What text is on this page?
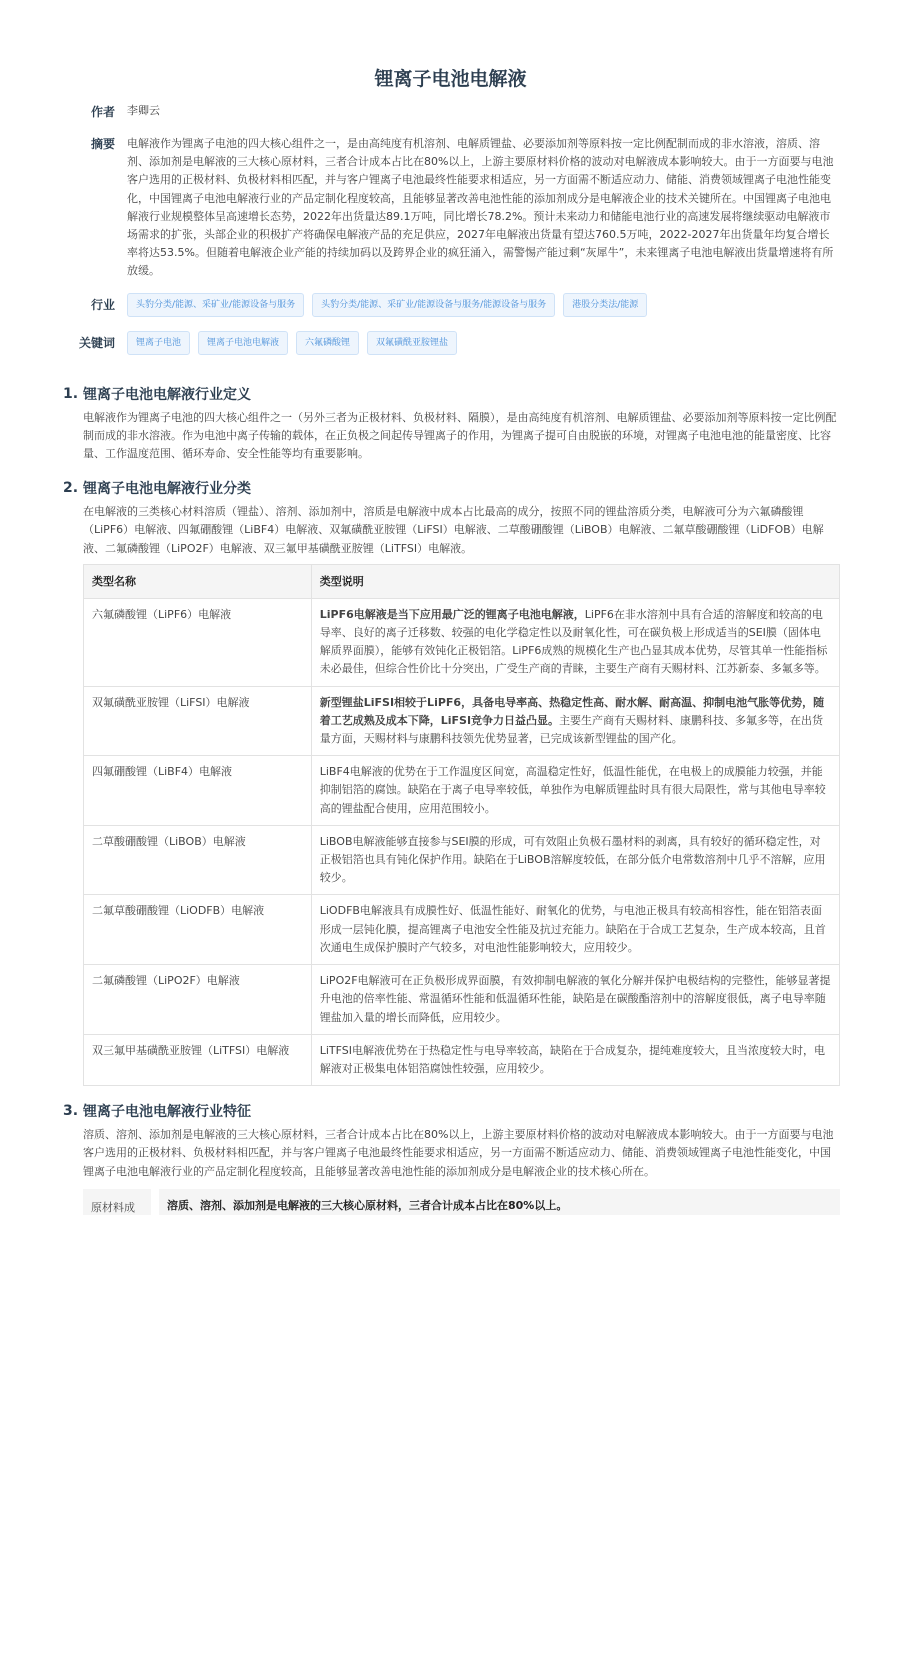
锂离子电池电解液
作者 李卿云
摘要 电解液作为锂离子电池的四大核心组件之一，是由高纯度有机溶剂、电解质锂盐、必要添加剂等原料按一定比例配制而成的非水溶液，溶质、溶剂、添加剂是电解液的三大核心原材料，三者合计成本占比在80%以上，上游主要原材料价格的波动对电解液成本影响较大。由于一方面要与电池客户选用的正极材料、负极材料相匹配，并与客户锂离子电池最终性能要求相适应，另一方面需不断适应动力、储能、消费领域锂离子电池性能变化，中国锂离子电池电解液行业的产品定制化程度较高，且能够显著改善电池性能的添加剂成分是电解液企业的技术关键所在。中国锂离子电池电解液行业规模整体呈高速增长态势，2022年出货量达89.1万吨，同比增长78.2%。预计未来动力和储能电池行业的高速发展将继续驱动电解液市场需求的扩张，头部企业的积极扩产将确保电解液产品的充足供应，2027年电解液出货量有望达760.5万吨，2022-2027年出货量年均复合增长率将达53.5%。但随着电解液企业产能的持续加码以及跨界企业的疯狂涌入，需警惕产能过剩“灰犀牛”，未来锂离子电池电解液出货量增速将有所放缓。
行业	头豹分类/能源、采矿业/能源设备与服务	头豹分类/能源、采矿业/能源设备与服务/能源设备与服务	港股分类法/能源
关键词	锂离子电池	锂离子电池电解液	六氟磷酸锂	双氟磺酰亚胺锂盐
1. 锂离子电池电解液行业定义
电解液作为锂离子电池的四大核心组件之一（另外三者为正极材料、负极材料、隔膜），是由高纯度有机溶剂、电解质锂盐、必要添加剂等原料按一定比例配制而成的非水溶液。作为电池中离子传输的载体，在正负极之间起传导锂离子的作用，为锂离子提可自由脱嵌的环境，对锂离子电池电池的能量密度、比容量、工作温度范围、循环寿命、安全性能等均有重要影响。
2. 锂离子电池电解液行业分类
在电解液的三类核心材料溶质（锂盐）、溶剂、添加剂中，溶质是电解液中成本占比最高的成分，按照不同的锂盐溶质分类，电解液可分为六氟磷酸锂（LiPF6）电解液、四氟硼酸锂（LiBF4）电解液、双氟磺酰亚胺锂（LiFSI）电解液、二草酸硼酸锂（LiBOB）电解液、二氟草酸硼酸锂（LiDFOB）电解液、二氟磷酸锂（LiPO2F）电解液、双三氟甲基磺酰亚胺锂（LiTFSI）电解液。
类型名称	类型说明
六氟磷酸锂（LiPF6）电解液	LiPF6电解液是当下应用最广泛的锂离子电池电解液，LiPF6在非水溶剂中具有合适的溶解度和较高的电导率、良好的离子迁移数、较强的电化学稳定性以及耐氧化性，可在碳负极上形成适当的SEI膜（固体电解质界面膜），能够有效钝化正极铝箔。LiPF6成熟的规模化生产也凸显其成本优势，尽管其单一性能指标未必最佳，但综合性价比十分突出，广受生产商的青睐，主要生产商有天赐材料、江苏新泰、多氟多等。
双氟磺酰亚胺锂（LiFSI）电解液	新型锂盐LiFSI相较于LiPF6，具备电导率高、热稳定性高、耐水解、耐高温、抑制电池气胀等优势，随着工艺成熟及成本下降，LiFSI竞争力日益凸显。主要生产商有天赐材料、康鹏科技、多氟多等，在出货量方面，天赐材料与康鹏科技领先优势显著，已完成该新型锂盐的国产化。
四氟硼酸锂（LiBF4）电解液	LiBF4电解液的优势在于工作温度区间宽，高温稳定性好，低温性能优，在电极上的成膜能力较强，并能抑制铝箔的腐蚀。缺陷在于离子电导率较低，单独作为电解质锂盐时具有很大局限性，常与其他电导率较高的锂盐配合使用，应用范围较小。
二草酸硼酸锂（LiBOB）电解液	LiBOB电解液能够直接参与SEI膜的形成，可有效阻止负极石墨材料的剥离，具有较好的循环稳定性，对正极铝箔也具有钝化保护作用。缺陷在于LiBOB溶解度较低，在部分低介电常数溶剂中几乎不溶解，应用较少。
二氟草酸硼酸锂（LiODFB）电解液	LiODFB电解液具有成膜性好、低温性能好、耐氧化的优势，与电池正极具有较高相容性，能在铝箔表面形成一层钝化膜，提高锂离子电池安全性能及抗过充能力。缺陷在于合成工艺复杂，生产成本较高，且首次通电生成保护膜时产气较多，对电池性能影响较大，应用较少。
二氟磷酸锂（LiPO2F）电解液	LiPO2F电解液可在正负极形成界面膜，有效抑制电解液的氧化分解并保护电极结构的完整性，能够显著提升电池的倍率性能、常温循环性能和低温循环性能，缺陷是在碳酸酯溶剂中的溶解度很低，离子电导率随锂盐加入量的增长而降低，应用较少。
双三氟甲基磺酰亚胺锂（LiTFSI）电解液	LiTFSI电解液优势在于热稳定性与电导率较高，缺陷在于合成复杂，提纯难度较大，且当浓度较大时，电解液对正极集电体铝箔腐蚀性较强，应用较少。
3. 锂离子电池电解液行业特征
溶质、溶剂、添加剂是电解液的三大核心原材料，三者合计成本占比在80%以上，上游主要原材料价格的波动对电解液成本影响较大。由于一方面要与电池客户选用的正极材料、负极材料相匹配，并与客户锂离子电池最终性能要求相适应，另一方面需不断适应动力、储能、消费领域锂离子电池性能变化，中国锂离子电池电解液行业的产品定制化程度较高，且能够显著改善电池性能的添加剂成分是电解液企业的技术核心所在。
原材料成	溶质、溶剂、添加剂是电解液的三大核心原材料，三者合计成本占比在80%以上。
